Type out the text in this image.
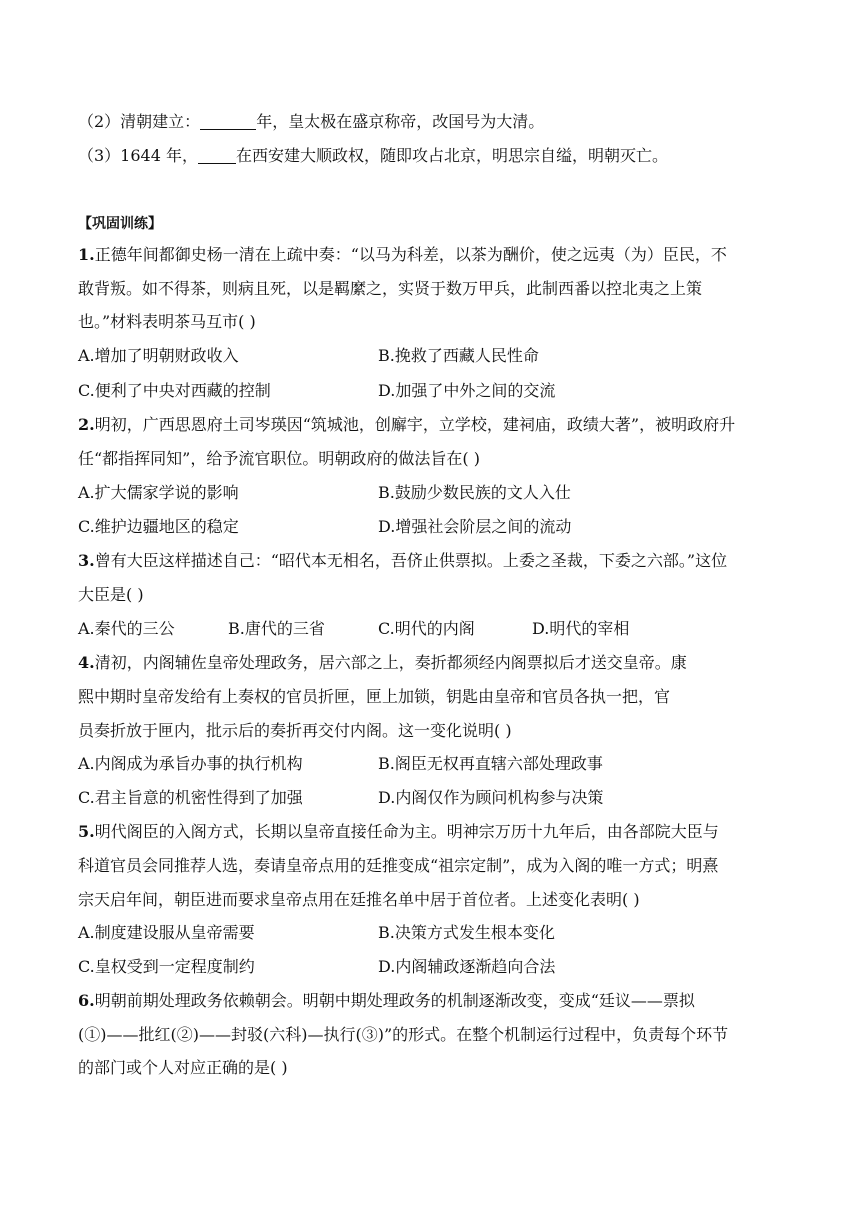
（2）清朝建立：	年，皇太极在盛京称帝，改国号为大清。
（3）1644 年， 在西安建大顺政权，随即攻占北京，明思宗自缢，明朝灭亡。
【巩固训练】
1.正德年间都御史杨一清在上疏中奏：“以马为科差，以茶为酬价，使之远夷（为）臣民，不
敢背叛。如不得茶，则病且死，以是羁縻之，实贤于数万甲兵，此制西番以控北夷之上策
也。”材料表明茶马互市( )
A.增加了明朝财政收入	B.挽救了西藏人民性命
C.便利了中央对西藏的控制	D.加强了中外之间的交流
2.明初，广西思恩府土司岑瑛因“筑城池，创廨宇，立学校，建祠庙，政绩大著”，被明政府升
任“都指挥同知”，给予流官职位。明朝政府的做法旨在( )
A.扩大儒家学说的影响	B.鼓励少数民族的文人入仕
C.维护边疆地区的稳定	D.增强社会阶层之间的流动
3.曾有大臣这样描述自己：“昭代本无相名，吾侪止供票拟。上委之圣裁，下委之六部。”这位
大臣是( )
A.秦代的三公	B.唐代的三省	C.明代的内阁	D.明代的宰相
4.清初，内阁辅佐皇帝处理政务，居六部之上，奏折都须经内阁票拟后才送交皇帝。康
熙中期时皇帝发给有上奏权的官员折匣，匣上加锁，钥匙由皇帝和官员各执一把，官
员奏折放于匣内，批示后的奏折再交付内阁。这一变化说明( )
A.内阁成为承旨办事的执行机构	B.阁臣无权再直辖六部处理政事
C.君主旨意的机密性得到了加强	D.内阁仅作为顾问机构参与决策
5.明代阁臣的入阁方式，长期以皇帝直接任命为主。明神宗万历十九年后，由各部院大臣与
科道官员会同推荐人选，奏请皇帝点用的廷推变成“祖宗定制”，成为入阁的唯一方式；明熹
宗天启年间，朝臣进而要求皇帝点用在廷推名单中居于首位者。上述变化表明( )
A.制度建设服从皇帝需要	B.决策方式发生根本变化
C.皇权受到一定程度制约	D.内阁辅政逐渐趋向合法
6.明朝前期处理政务依赖朝会。明朝中期处理政务的机制逐渐改变，变成“廷议——票拟
(①)——批红(②)——封驳(六科)—执行(③)”的形式。在整个机制运行过程中，负责每个环节
的部门或个人对应正确的是( )
